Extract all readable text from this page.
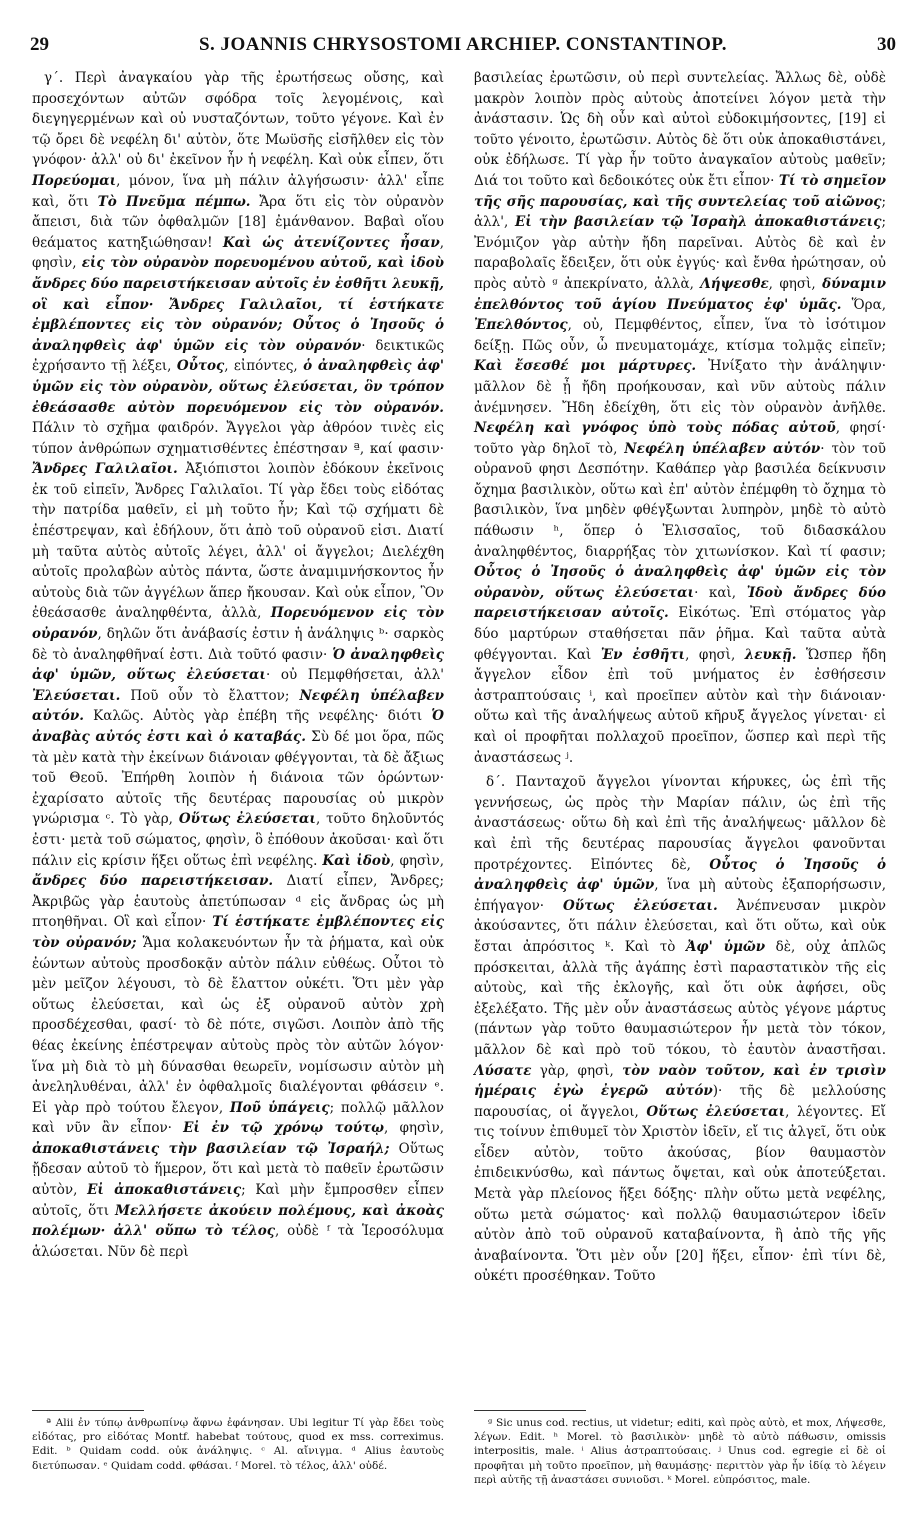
29	S. JOANNIS CHRYSOSTOMI ARCHIEP. CONSTANTINOP.	30

γ΄. Περὶ ἀναγκαίου γὰρ τῆς ἐρωτήσεως οὔσης, καὶ προσεχόντων αὐτῶν σφόδρα τοῖς λεγομένοις, καὶ διεγηγερμένων καὶ οὐ νυσταζόντων, τοῦτο γέγονε. Καὶ ἐν τῷ ὄρει δὲ νεφέλη δι' αὐτὸν, ὅτε Μωϋσῆς εἰσῆλθεν εἰς τὸν γνόφον· ἀλλ' οὐ δι' ἐκεῖνον ἦν ἡ νεφέλη. Καὶ οὐκ εἶπεν, ὅτι Πορεύομαι, μόνον, ἵνα μὴ πάλιν ἀλγήσωσιν· ἀλλ' εἶπε καὶ, ὅτι Τὸ Πνεῦμα πέμπω. Ἄρα ὅτι εἰς τὸν οὐρανὸν ἄπεισι, διὰ τῶν ὀφθαλμῶν [18] ἐμάνθανον. Βαβαὶ οἵου θεάματος κατηξιώθησαν! Καὶ ὡς ἀτενίζοντες ἦσαν, φησὶν, εἰς τὸν οὐρανὸν πορευομένου αὐτοῦ, καὶ ἰδοὺ ἄνδρες δύο παρειστήκεισαν αὐτοῖς ἐν ἐσθῆτι λευκῇ, οἳ καὶ εἶπον· Ἄνδρες Γαλιλαῖοι, τί ἑστήκατε ἐμβλέποντες εἰς τὸν οὐρανόν; Οὗτος ὁ Ἰησοῦς ὁ ἀναληφθεὶς ἀφ' ὑμῶν εἰς τὸν οὐρανόν· δεικτικῶς ἐχρήσαντο τῇ λέξει, Οὗτος, εἰπόντες, ὁ ἀναληφθεὶς ἀφ' ὑμῶν εἰς τὸν οὐρανὸν, οὕτως ἐλεύσεται, ὃν τρόπον ἐθεάσασθε αὐτὸν πορευόμενον εἰς τὸν οὐρανόν. Πάλιν τὸ σχῆμα φαιδρόν. Ἄγγελοι γὰρ ἀθρόον τινὲς εἰς τύπον ἀνθρώπων σχηματισθέντες ἐπέστησαν ª, καί φασιν· Ἄνδρες Γαλιλαῖοι. Ἀξιόπιστοι λοιπὸν ἐδόκουν ἐκεῖνοις ἐκ τοῦ εἰπεῖν, Ἄνδρες Γαλιλαῖοι. Τί γὰρ ἔδει τοὺς εἰδότας τὴν πατρίδα μαθεῖν, εἰ μὴ τοῦτο ἦν; Καὶ τῷ σχήματι δὲ ἐπέστρεψαν, καὶ ἐδήλουν, ὅτι ἀπὸ τοῦ οὐρανοῦ εἰσι. Διατί μὴ ταῦτα αὐτὸς αὐτοῖς λέγει, ἀλλ' οἱ ἄγγελοι; Διελέχθη αὐτοῖς προλαβὼν αὐτὸς πάντα, ὥστε ἀναμιμνήσκοντος ἦν αὐτοὺς διὰ τῶν ἀγγέλων ἅπερ ἤκουσαν. Καὶ οὐκ εἶπον, Ὃν ἐθεάσασθε ἀναληφθέντα, ἀλλὰ, Πορευόμενον εἰς τὸν οὐρανόν, δηλῶν ὅτι ἀνάβασίς ἐστιν ἡ ἀνάληψις ᵇ· σαρκὸς δὲ τὸ ἀναληφθῆναί ἐστι. Διὰ τοῦτό φασιν· Ὁ ἀναληφθεὶς ἀφ' ὑμῶν, οὕτως ἐλεύσεται· οὐ Πεμφθήσεται, ἀλλ' Ἐλεύσεται. Ποῦ οὖν τὸ ἔλαττον; Νεφέλη ὑπέλαβεν αὐτόν. Καλῶς. Αὐτὸς γὰρ ἐπέβη τῆς νεφέλης· διότι Ὁ ἀναβὰς αὐτός ἐστι καὶ ὁ καταβάς. Σὺ δέ μοι ὅρα, πῶς τὰ μὲν κατὰ τὴν ἐκείνων διάνοιαν φθέγγονται, τὰ δὲ ἄξιως τοῦ Θεοῦ. Ἐπήρθη λοιπὸν ἡ διάνοια τῶν ὁρώντων· ἐχαρίσατο αὐτοῖς τῆς δευτέρας παρουσίας οὐ μικρὸν γνώρισμα ᶜ. Τὸ γὰρ, Οὕτως ἐλεύσεται, τοῦτο δηλοῦντός ἐστι· μετὰ τοῦ σώματος, φησὶν, ὃ ἐπόθουν ἀκοῦσαι· καὶ ὅτι πάλιν εἰς κρίσιν ἥξει οὕτως ἐπὶ νεφέλης. Καὶ ἰδοὺ, φησὶν, ἄνδρες δύο παρειστήκεισαν. Διατί εἶπεν, Ἄνδρες; Ἀκριβῶς γὰρ ἑαυτοὺς ἀπετύπωσαν ᵈ εἰς ἄνδρας ὡς μὴ πτοηθῆναι. Οἳ καὶ εἶπον· Τί ἑστήκατε ἐμβλέποντες εἰς τὸν οὐρανόν; Ἅμα κολακευόντων ἦν τὰ ῥήματα, καὶ οὐκ ἐώντων αὐτοὺς προσδοκᾷν αὐτὸν πάλιν εὐθέως. Οὗτοι τὸ μὲν μεῖζον λέγουσι, τὸ δὲ ἔλαττον οὐκέτι. Ὅτι μὲν γὰρ οὕτως ἐλεύσεται, καὶ ὡς ἐξ οὐρανοῦ αὐτὸν χρὴ προσδέχεσθαι, φασί· τὸ δὲ πότε, σιγῶσι. Λοιπὸν ἀπὸ τῆς θέας ἐκείνης ἐπέστρεψαν αὐτοὺς πρὸς τὸν αὐτῶν λόγον· ἵνα μὴ διὰ τὸ μὴ δύνασθαι θεωρεῖν, νομίσωσιν αὐτὸν μὴ ἀνεληλυθέναι, ἀλλ' ἐν ὀφθαλμοῖς διαλέγονται φθάσειν ᵉ. Εἰ γὰρ πρὸ τούτου ἔλεγον, Ποῦ ὑπάγεις; πολλῷ μᾶλλον καὶ νῦν ἂν εἶπον· Εἰ ἐν τῷ χρόνῳ τούτῳ, φησὶν, ἀποκαθιστάνεις τὴν βασιλείαν τῷ Ἰσραήλ; Οὕτως ᾔδεσαν αὐτοῦ τὸ ἥμερον, ὅτι καὶ μετὰ τὸ παθεῖν ἐρωτῶσιν αὐτὸν, Εἰ ἀποκαθιστάνεις; Καὶ μὴν ἔμπροσθεν εἶπεν αὐτοῖς, ὅτι Μελλήσετε ἀκούειν πολέμους, καὶ ἀκοὰς πολέμων· ἀλλ' οὔπω τὸ τέλος, οὐδὲ ᶠ τὰ Ἱεροσόλυμα ἁλώσεται. Νῦν δὲ περὶ

βασιλείας ἐρωτῶσιν, οὐ περὶ συντελείας. Ἄλλως δὲ, οὐδὲ μακρὸν λοιπὸν πρὸς αὐτοὺς ἀποτείνει λόγον μετὰ τὴν ἀνάστασιν. Ὡς δὴ οὖν καὶ αὐτοὶ εὐδοκιμήσοντες, [19] εἰ τοῦτο γένοιτο, ἐρωτῶσιν. Αὐτὸς δὲ ὅτι οὐκ ἀποκαθιστάνει, οὐκ ἐδήλωσε. Τί γὰρ ἦν τοῦτο ἀναγκαῖον αὐτοὺς μαθεῖν; Διά τοι τοῦτο καὶ δεδοικότες οὐκ ἔτι εἶπον· Τί τὸ σημεῖον τῆς σῆς παρουσίας, καὶ τῆς συντελείας τοῦ αἰῶνος; ἀλλ', Εἰ τὴν βασιλείαν τῷ Ἰσραὴλ ἀποκαθιστάνεις; Ἐνόμιζον γὰρ αὐτὴν ἤδη παρεῖναι. Αὐτὸς δὲ καὶ ἐν παραβολαῖς ἔδειξεν, ὅτι οὐκ ἐγγύς· καὶ ἔνθα ἠρώτησαν, οὐ πρὸς αὐτὸ ᵍ ἀπεκρίνατο, ἀλλὰ, Λήψεσθε, φησὶ, δύναμιν ἐπελθόντος τοῦ ἁγίου Πνεύματος ἐφ' ὑμᾶς. Ὅρα, Ἐπελθόντος, οὐ, Πεμφθέντος, εἶπεν, ἵνα τὸ ἰσότιμον δείξῃ. Πῶς οὖν, ὦ πνευματομάχε, κτίσμα τολμᾷς εἰπεῖν; Καὶ ἔσεσθέ μοι μάρτυρες. Ἠνίξατο τὴν ἀνάληψιν· μᾶλλον δὲ ᾖ ἤδη προήκουσαν, καὶ νῦν αὐτοὺς πάλιν ἀνέμνησεν. Ἤδη ἐδείχθη, ὅτι εἰς τὸν οὐρανὸν ἀνῆλθε. Νεφέλη καὶ γνόφος ὑπὸ τοὺς πόδας αὐτοῦ, φησί· τοῦτο γὰρ δηλοῖ τὸ, Νεφέλη ὑπέλαβεν αὐτόν· τὸν τοῦ οὐρανοῦ φησι Δεσπότην. Καθάπερ γὰρ βασιλέα δείκνυσιν ὄχημα βασιλικὸν, οὕτω καὶ ἐπ' αὐτὸν ἐπέμφθη τὸ ὄχημα τὸ βασιλικὸν, ἵνα μηδὲν φθέγξωνται λυπηρὸν, μηδὲ τὸ αὐτὸ πάθωσιν ʰ, ὅπερ ὁ Ἐλισσαῖος, τοῦ διδασκάλου ἀναληφθέντος, διαρρήξας τὸν χιτωνίσκον. Καὶ τί φασιν; Οὗτος ὁ Ἰησοῦς ὁ ἀναληφθεὶς ἀφ' ὑμῶν εἰς τὸν οὐρανὸν, οὕτως ἐλεύσεται· καὶ, Ἰδοὺ ἄνδρες δύο παρειστήκεισαν αὐτοῖς. Εἰκότως. Ἐπὶ στόματος γὰρ δύο μαρτύρων σταθήσεται πᾶν ῥῆμα. Καὶ ταῦτα αὐτὰ φθέγγονται. Καὶ Ἐν ἐσθῆτι, φησὶ, λευκῇ. Ὥσπερ ἤδη ἄγγελον εἶδον ἐπὶ τοῦ μνήματος ἐν ἐσθήσεσιν ἀστραπτούσαις ⁱ, καὶ προεῖπεν αὐτὸν καὶ τὴν διάνοιαν· οὕτω καὶ τῆς ἀναλήψεως αὐτοῦ κῆρυξ ἄγγελος γίνεται· εἰ καὶ οἱ προφῆται πολλαχοῦ προεῖπον, ὥσπερ καὶ περὶ τῆς ἀναστάσεως ʲ.

δ΄. Πανταχοῦ ἄγγελοι γίνονται κήρυκες, ὡς ἐπὶ τῆς γεννήσεως, ὡς πρὸς τὴν Μαρίαν πάλιν, ὡς ἐπὶ τῆς ἀναστάσεως· οὕτω δὴ καὶ ἐπὶ τῆς ἀναλήψεως· μᾶλλον δὲ καὶ ἐπὶ τῆς δευτέρας παρουσίας ἄγγελοι φανοῦνται προτρέχοντες. Εἰπόντες δὲ, Οὗτος ὁ Ἰησοῦς ὁ ἀναληφθεὶς ἀφ' ὑμῶν, ἵνα μὴ αὐτοὺς ἐξαπορήσωσιν, ἐπήγαγον· Οὕτως ἐλεύσεται. Ἀνέπνευσαν μικρὸν ἀκούσαντες, ὅτι πάλιν ἐλεύσεται, καὶ ὅτι οὕτω, καὶ οὐκ ἔσται ἀπρόσιτος ᵏ. Καὶ τὸ Ἀφ' ὑμῶν δὲ, οὐχ ἁπλῶς πρόσκειται, ἀλλὰ τῆς ἀγάπης ἐστὶ παραστατικὸν τῆς εἰς αὐτοὺς, καὶ τῆς ἐκλογῆς, καὶ ὅτι οὐκ ἀφήσει, οὓς ἐξελέξατο. Τῆς μὲν οὖν ἀναστάσεως αὐτὸς γέγονε μάρτυς (πάντων γὰρ τοῦτο θαυμασιώτερον ἦν μετὰ τὸν τόκον, μᾶλλον δὲ καὶ πρὸ τοῦ τόκου, τὸ ἑαυτὸν ἀναστῆσαι. Λύσατε γὰρ, φησὶ, τὸν ναὸν τοῦτον, καὶ ἐν τρισὶν ἡμέραις ἐγὼ ἐγερῶ αὐτόν)· τῆς δὲ μελλούσης παρουσίας, οἱ ἄγγελοι, Οὕτως ἐλεύσεται, λέγοντες. Εἴ τις τοίνυν ἐπιθυμεῖ τὸν Χριστὸν ἰδεῖν, εἴ τις ἀλγεῖ, ὅτι οὐκ εἶδεν αὐτὸν, τοῦτο ἀκούσας, βίον θαυμαστὸν ἐπιδεικνύσθω, καὶ πάντως ὄψεται, καὶ οὐκ ἀποτεύξεται. Μετὰ γὰρ πλείονος ἥξει δόξης· πλὴν οὕτω μετὰ νεφέλης, οὕτω μετὰ σώματος· καὶ πολλῷ θαυμασιώτερον ἰδεῖν αὐτὸν ἀπὸ τοῦ οὐρανοῦ καταβαίνοντα, ἢ ἀπὸ τῆς γῆς ἀναβαίνοντα. Ὅτι μὲν οὖν [20] ἥξει, εἶπον· ἐπὶ τίνι δὲ, οὐκέτι προσέθηκαν. Τοῦτο

ª Alii ἐν τύπῳ ἀνθρωπίνῳ ἄφνω ἐφάνησαν. Ubi legitur Τί γὰρ ἔδει τοὺς εἰδότας, pro εἰδότας Montf. habebat τούτους, quod ex mss. correximus. Edit. ᵇ Quidam codd. οὐκ ἀνάληψις. ᶜ Al. αἴνιγμα. ᵈ Alius ἑαυτοὺς διετύπωσαν. ᵉ Quidam codd. φθάσαι. ᶠ Morel. τὸ τέλος, ἀλλ' οὐδέ.

ᵍ Sic unus cod. rectius, ut videtur; editi, καὶ πρὸς αὐτὸ, et mox, Λήψεσθε, λέγων. Edit. ʰ Morel. τὸ βασιλικὸν· μηδὲ τὸ αὐτὸ πάθωσιν, omissis interpositis, male. ⁱ Alius ἀστραπτούσαις. ʲ Unus cod. egregie εἰ δὲ οἱ προφῆται μὴ τοῦτο προεῖπον, μὴ θαυμάσῃς· περιττὸν γὰρ ἦν ἰδίᾳ τὸ λέγειν περὶ αὐτῆς τῇ ἀναστάσει συνιοῦσι. ᵏ Morel. εὐπρόσιτος, male.
